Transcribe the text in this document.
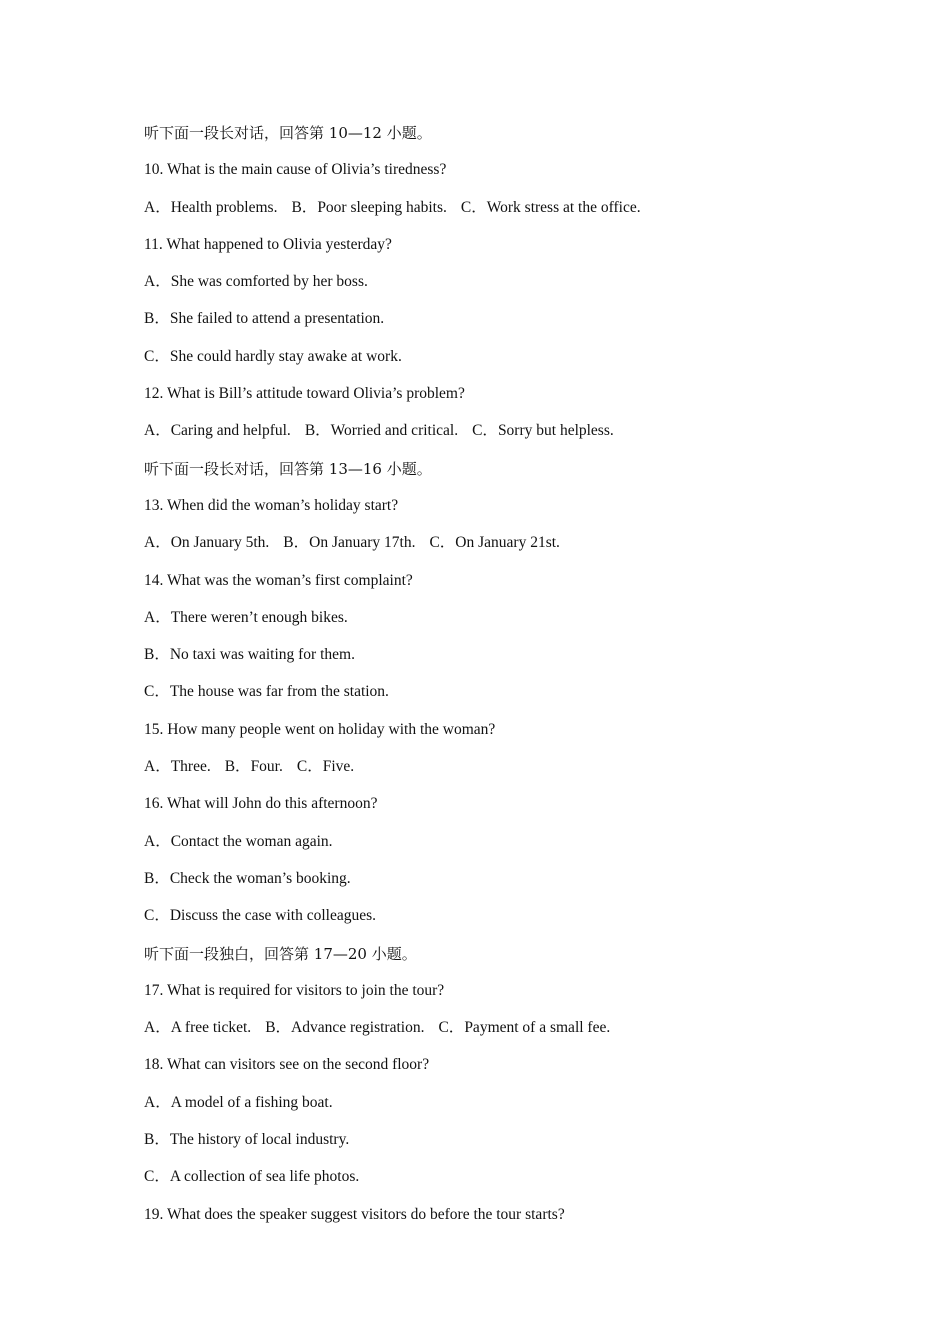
听下面一段长对话，回答第 10—12 小题。
10. What is the main cause of Olivia’s tiredness?
A．Health problems. B．Poor sleeping habits. C．Work stress at the office.
11. What happened to Olivia yesterday?
A．She was comforted by her boss.
B．She failed to attend a presentation.
C．She could hardly stay awake at work.
12. What is Bill’s attitude toward Olivia’s problem?
A．Caring and helpful. B．Worried and critical. C．Sorry but helpless.
听下面一段长对话，回答第 13—16 小题。
13. When did the woman’s holiday start?
A．On January 5th. B．On January 17th. C．On January 21st.
14. What was the woman’s first complaint?
A．There weren’t enough bikes.
B．No taxi was waiting for them.
C．The house was far from the station.
15. How many people went on holiday with the woman?
A．Three. B．Four. C．Five.
16. What will John do this afternoon?
A．Contact the woman again.
B．Check the woman’s booking.
C．Discuss the case with colleagues.
听下面一段独白，回答第 17—20 小题。
17. What is required for visitors to join the tour?
A．A free ticket. B．Advance registration. C．Payment of a small fee.
18. What can visitors see on the second floor?
A．A model of a fishing boat.
B．The history of local industry.
C．A collection of sea life photos.
19. What does the speaker suggest visitors do before the tour starts?
